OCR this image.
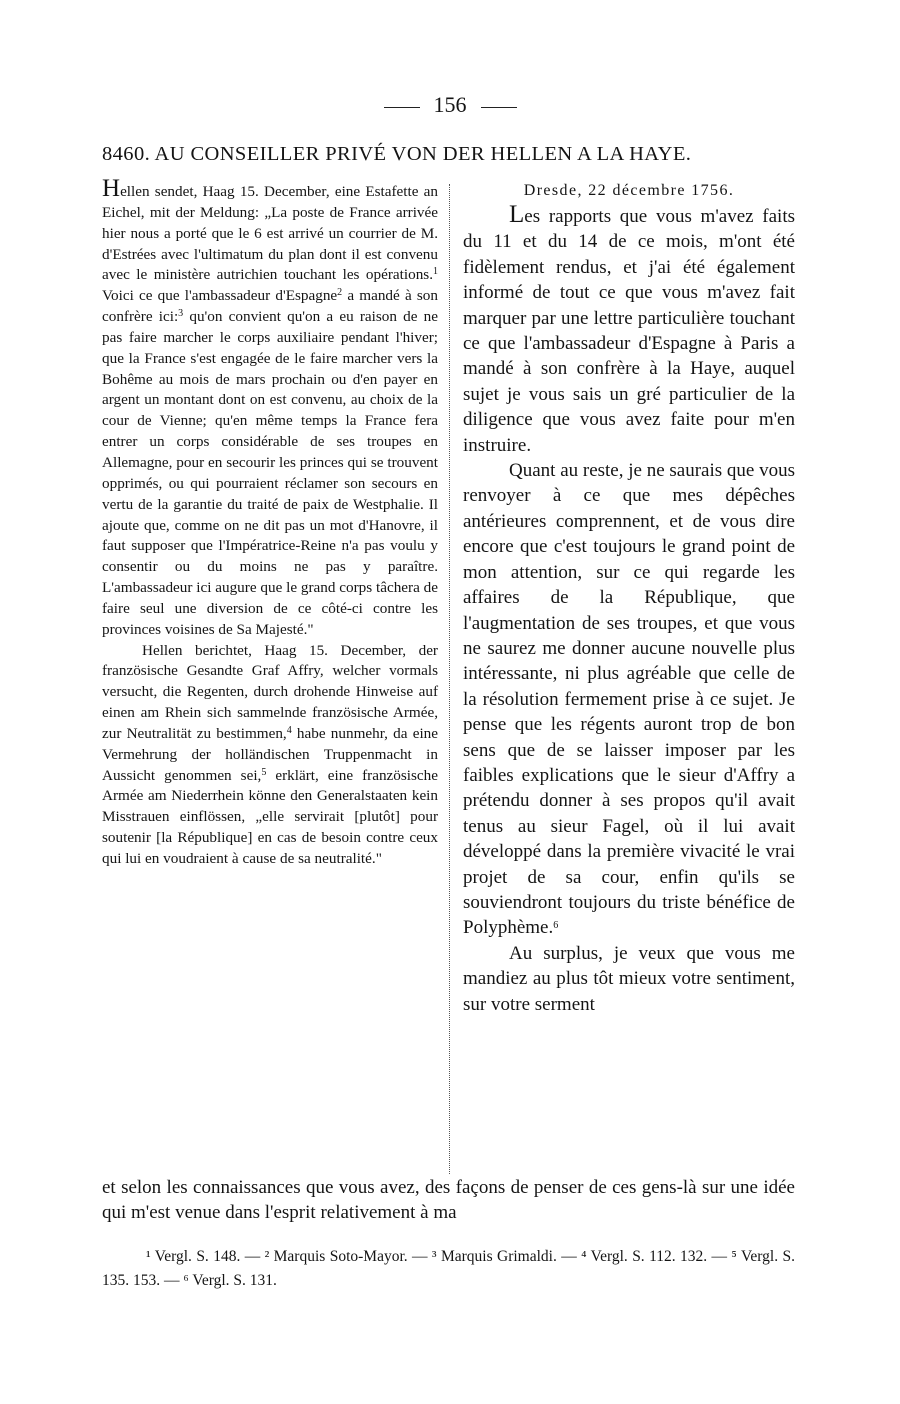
156
8460. AU CONSEILLER PRIVÉ VON DER HELLEN A LA HAYE.

Hellen sendet, Haag 15. December, eine Estafette an Eichel, mit der Meldung: „La poste de France arrivée hier nous a porté que le 6 est arrivé un courrier de M. d'Estrées avec l'ultimatum du plan dont il est convenu avec le ministère autrichien touchant les opérations.$^1$ Voici ce que l'ambassadeur d'Espagne$^2$ a mandé à son confrère ici:$^3$ qu'on convient qu'on a eu raison de ne pas faire marcher le corps auxiliaire pendant l'hiver; que la France s'est engagée de le faire marcher vers la Bohême au mois de mars prochain ou d'en payer en argent un montant dont on est convenu, au choix de la cour de Vienne; qu'en même temps la France fera entrer un corps considérable de ses troupes en Allemagne, pour en secourir les princes qui se trouvent opprimés, ou qui pourraient réclamer son secours en vertu de la garantie du traité de paix de Westphalie. Il ajoute que, comme on ne dit pas un mot d'Hanovre, il faut supposer que l'Impératrice-Reine n'a pas voulu y consentir ou du moins ne pas y paraître. L'ambassadeur ici augure que le grand corps tâchera de faire seul une diversion de ce côté-ci contre les provinces voisines de Sa Majesté."

Hellen berichtet, Haag 15. December, der französische Gesandte Graf Affry, welcher vormals versucht, die Regenten, durch drohende Hinweise auf einen am Rhein sich sammelnde französische Armée, zur Neutralität zu bestimmen,$^4$ habe nunmehr, da eine Vermehrung der holländischen Truppenmacht in Aussicht genommen sei,$^5$ erklärt, eine französische Armée am Niederrhein könne den Generalstaaten kein Misstrauen einflössen, „elle servirait [plutôt] pour soutenir [la République] en cas de besoin contre ceux qui lui en voudraient à cause de sa neutralité."

Dresde, 22 décembre 1756.

Les rapports que vous m'avez faits du 11 et du 14 de ce mois, m'ont été fidèlement rendus, et j'ai été également informé de tout ce que vous m'avez fait marquer par une lettre particulière touchant ce que l'ambassadeur d'Espagne à Paris a mandé à son confrère à la Haye, auquel sujet je vous sais un gré particulier de la diligence que vous avez faite pour m'en instruire.

Quant au reste, je ne saurais que vous renvoyer à ce que mes dépêches antérieures comprennent, et de vous dire encore que c'est toujours le grand point de mon attention, sur ce qui regarde les affaires de la République, que l'augmentation de ses troupes, et que vous ne saurez me donner aucune nouvelle plus intéressante, ni plus agréable que celle de la résolution fermement prise à ce sujet. Je pense que les régents auront trop de bon sens que de se laisser imposer par les faibles explications que le sieur d'Affry a prétendu donner à ses propos qu'il avait tenus au sieur Fagel, où il lui avait développé dans la première vivacité le vrai projet de sa cour, enfin qu'ils se souviendront toujours du triste bénéfice de Polyphème.$^6$

Au surplus, je veux que vous me mandiez au plus tôt mieux votre sentiment, sur votre serment

et selon les connaissances que vous avez, des façons de penser de ces gens-là sur une idée qui m'est venue dans l'esprit relativement à ma

¹ Vergl. S. 148. — ² Marquis Soto-Mayor. — ³ Marquis Grimaldi. — ⁴ Vergl. S. 112. 132. — ⁵ Vergl. S. 135. 153. — ⁶ Vergl. S. 131.
